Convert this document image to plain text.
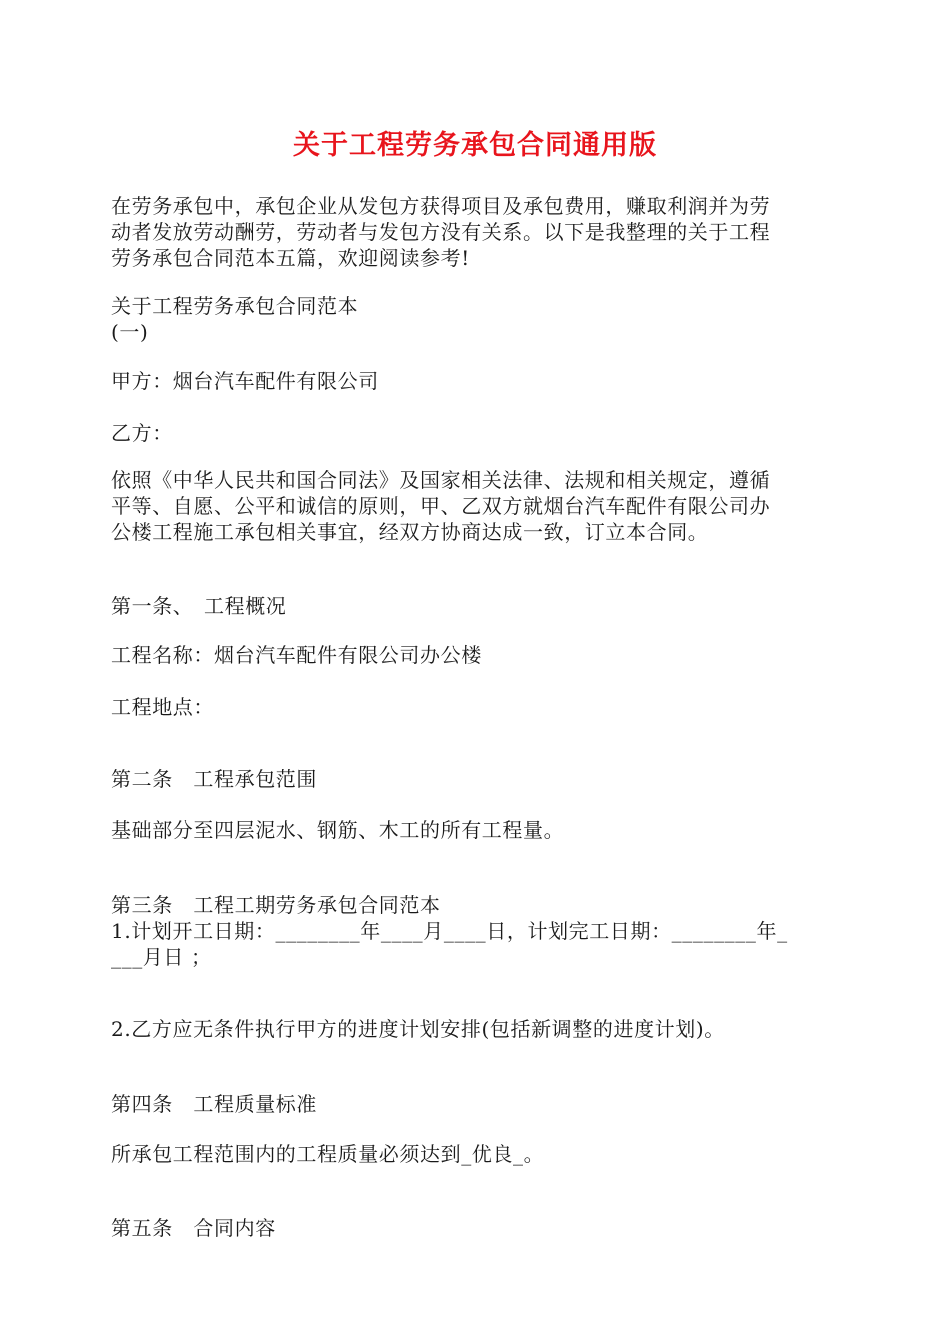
关于工程劳务承包合同通用版
在劳务承包中，承包企业从发包方获得项目及承包费用，赚取利润并为劳
动者发放劳动酬劳，劳动者与发包方没有关系。以下是我整理的关于工程
劳务承包合同范本五篇，欢迎阅读参考!
关于工程劳务承包合同范本
(一)
甲方：烟台汽车配件有限公司
乙方：
依照《中华人民共和国合同法》及国家相关法律、法规和相关规定，遵循
平等、自愿、公平和诚信的原则，甲、乙双方就烟台汽车配件有限公司办
公楼工程施工承包相关事宜，经双方协商达成一致，订立本合同。
第一条、　工程概况
工程名称：烟台汽车配件有限公司办公楼
工程地点：
第二条　工程承包范围
基础部分至四层泥水、钢筋、木工的所有工程量。
第三条　工程工期劳务承包合同范本
1.计划开工日期：________年____月____日，计划完工日期：________年_
___月日 ；
2.乙方应无条件执行甲方的进度计划安排(包括新调整的进度计划)。
第四条　工程质量标准
所承包工程范围内的工程质量必须达到_优良_。
第五条　合同内容
